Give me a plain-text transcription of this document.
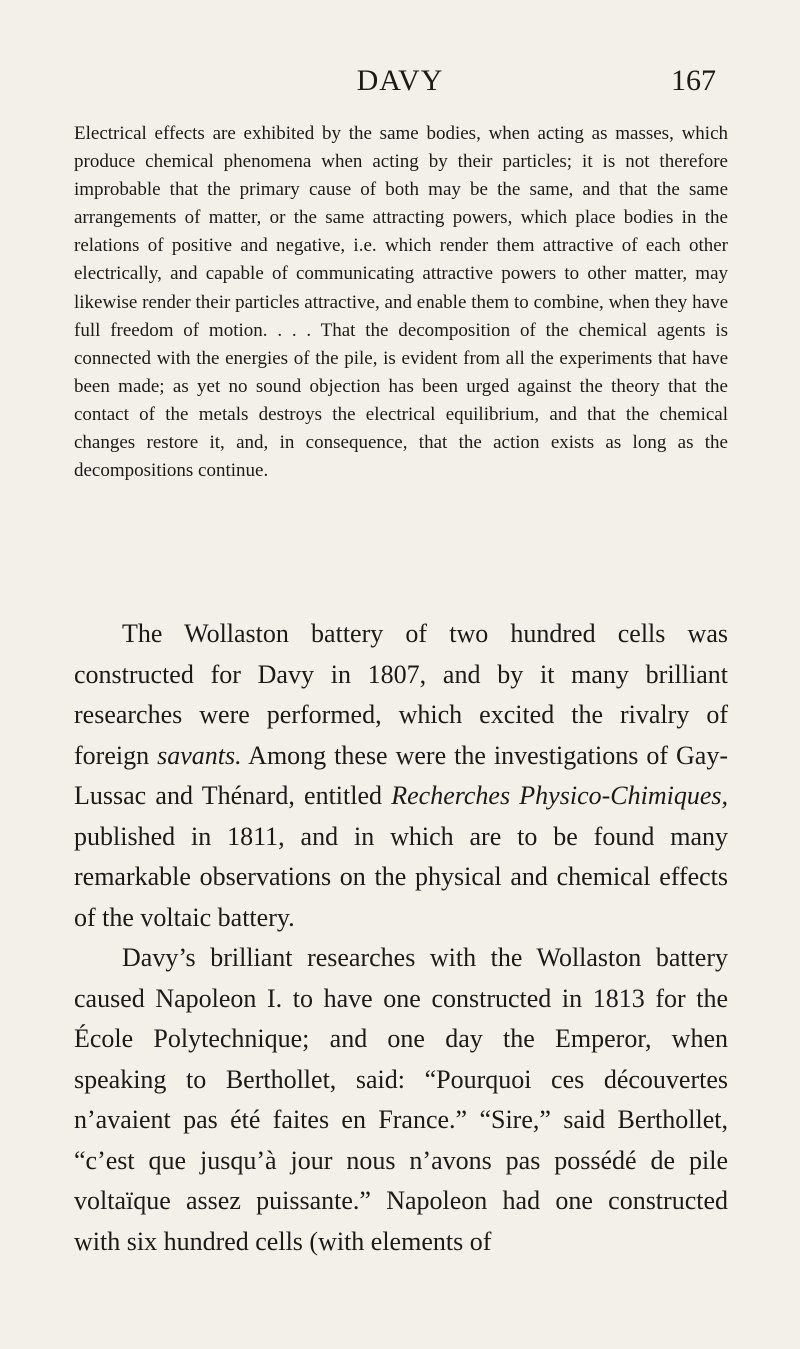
DAVY	167

Electrical effects are exhibited by the same bodies, when acting as masses, which produce chemical phenomena when acting by their particles; it is not therefore improbable that the primary cause of both may be the same, and that the same arrangements of matter, or the same attracting powers, which place bodies in the relations of positive and negative, i.e. which render them attractive of each other electrically, and capable of communicating attractive powers to other matter, may likewise render their particles attractive, and enable them to combine, when they have full freedom of motion. . . . That the decomposition of the chemical agents is connected with the energies of the pile, is evident from all the experiments that have been made; as yet no sound objection has been urged against the theory that the contact of the metals destroys the electrical equilibrium, and that the chemical changes restore it, and, in consequence, that the action exists as long as the decompositions continue.

The Wollaston battery of two hundred cells was constructed for Davy in 1807, and by it many brilliant researches were performed, which excited the rivalry of foreign savants. Among these were the investigations of Gay-Lussac and Thénard, entitled Recherches Physico-Chimiques, published in 1811, and in which are to be found many remarkable observations on the physical and chemical effects of the voltaic battery.

Davy’s brilliant researches with the Wollaston battery caused Napoleon I. to have one constructed in 1813 for the École Polytechnique; and one day the Emperor, when speaking to Berthollet, said: “Pourquoi ces découvertes n’avaient pas été faites en France.” “Sire,” said Berthollet, “c’est que jusqu’à jour nous n’avons pas possédé de pile voltaïque assez puissante.” Napoleon had one constructed with six hundred cells (with elements of
